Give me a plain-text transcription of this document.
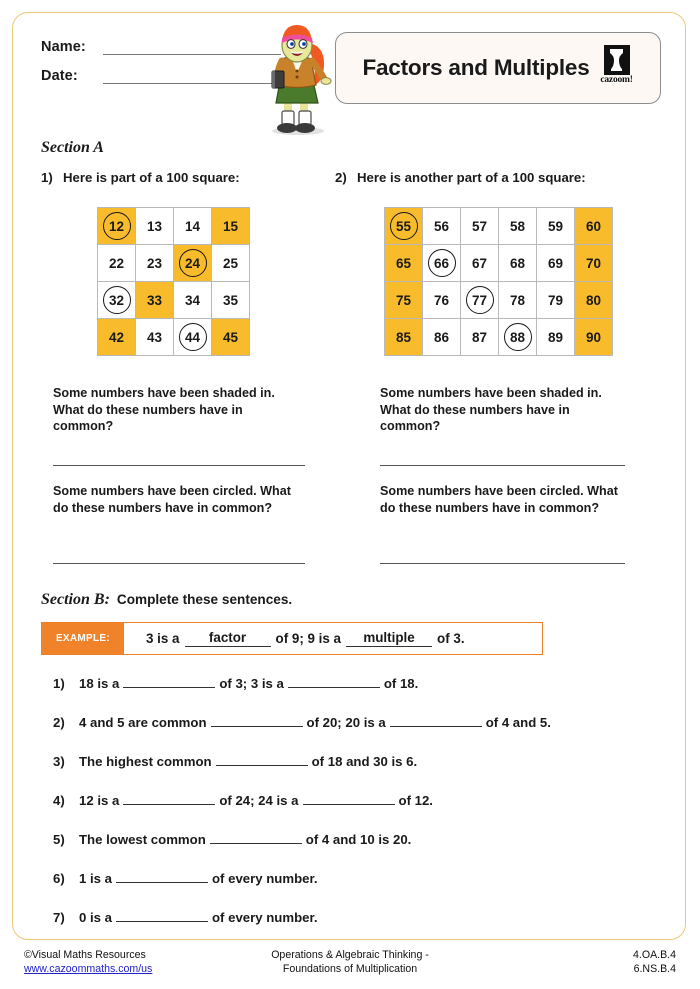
Name:
Date:	Factors and Multiples cazoom!
Section A
1) Here is part of a 100 square:	2) Here is another part of a 100 square:
12	13	14	15
22	23	24	25
32	33	34	35
42	43	44	45
55	56	57	58	59	60
65	66	67	68	69	70
75	76	77	78	79	80
85	86	87	88	89	90
Some numbers have been shaded in. What do these numbers have in common?
Some numbers have been circled. What do these numbers have in common?
Some numbers have been shaded in. What do these numbers have in common?
Some numbers have been circled. What do these numbers have in common?
Section B: Complete these sentences.
EXAMPLE:	3 is a	factor	of 9; 9 is a	multiple	of 3.
1)	18 is a	of 3; 3 is a	of 18.
2)	4 and 5 are common	of 20; 20 is a	of 4 and 5.
3)	The highest common	of 18 and 30 is 6.
4)	12 is a	of 24; 24 is a	of 12.
5)	The lowest common	of 4 and 10 is 20.
6)	1 is a	of every number.
7)	0 is a	of every number.
©Visual Maths Resources
www.cazoommaths.com/us
Operations & Algebraic Thinking -
Foundations of Multiplication
4.OA.B.4
6.NS.B.4
